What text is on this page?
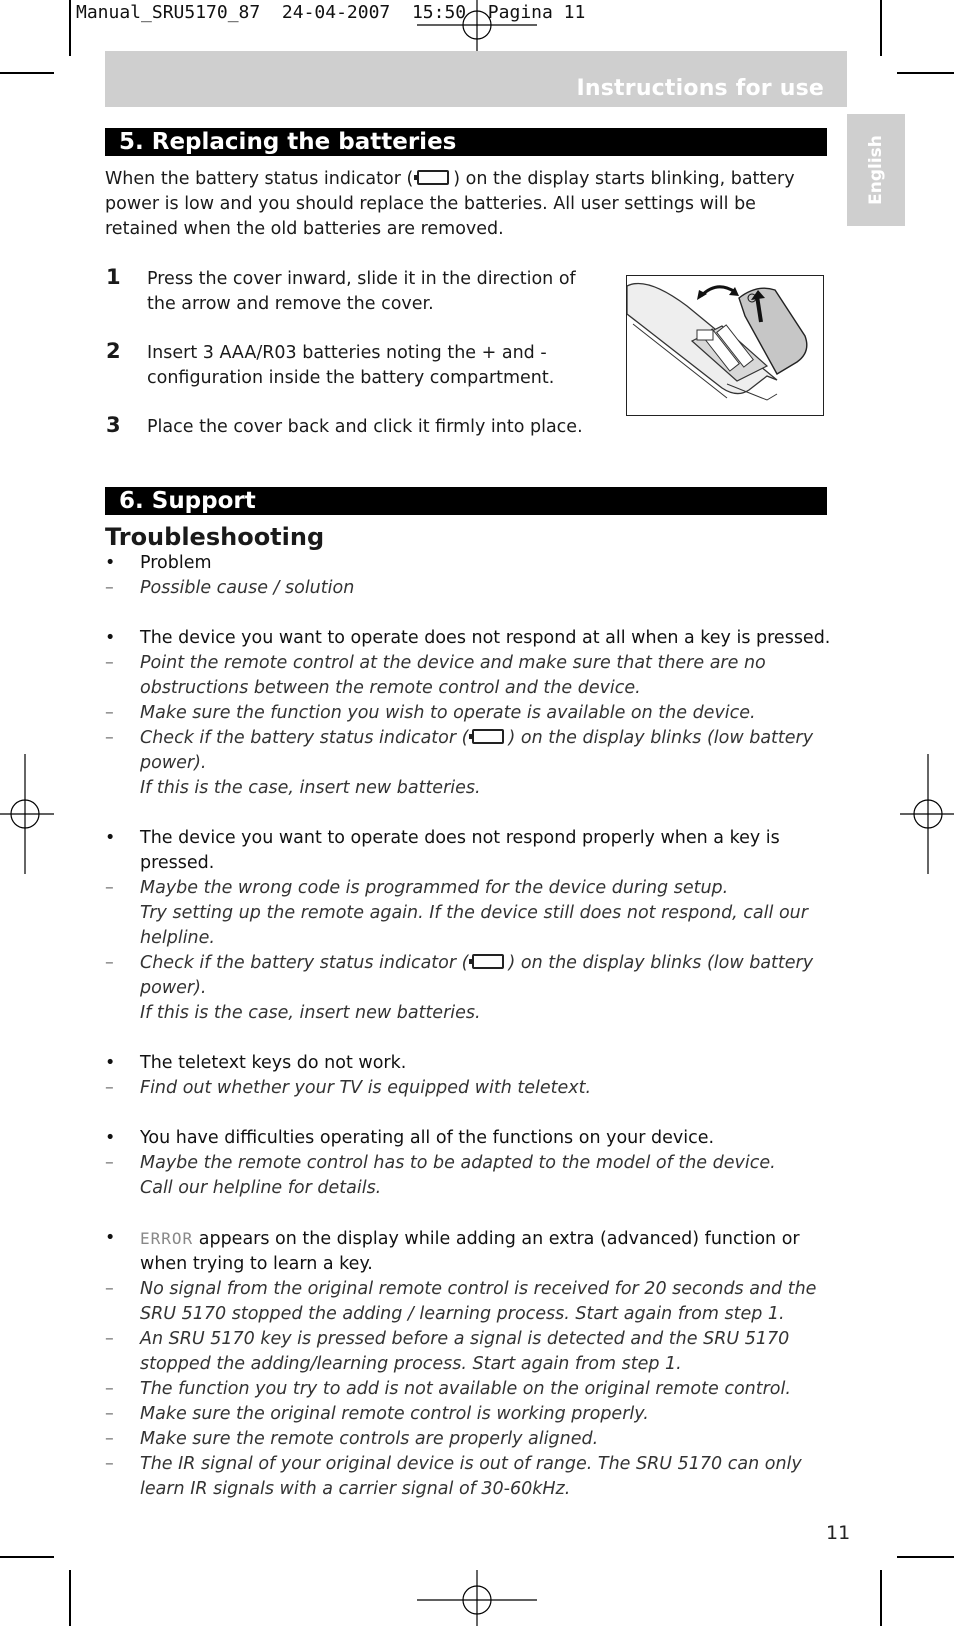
Manual_SRU5170_87  24-04-2007  15:50  Pagina 11
Instructions for use
English
5. Replacing the batteries
When the battery status indicator ( ) on the display starts blinking, battery power is low and you should replace the batteries. All user settings will be retained when the old batteries are removed.
1 Press the cover inward, slide it in the direction of the arrow and remove the cover.
2 Insert 3 AAA/R03 batteries noting the + and - configuration inside the battery compartment.
3 Place the cover back and click it firmly into place.
6. Support
Troubleshooting
• Problem
– Possible cause / solution
• The device you want to operate does not respond at all when a key is pressed.
– Point the remote control at the device and make sure that there are no obstructions between the remote control and the device.
– Make sure the function you wish to operate is available on the device.
– Check if the battery status indicator ( ) on the display blinks (low battery power).
If this is the case, insert new batteries.
• The device you want to operate does not respond properly when a key is pressed.
– Maybe the wrong code is programmed for the device during setup.
Try setting up the remote again. If the device still does not respond, call our helpline.
– Check if the battery status indicator ( ) on the display blinks (low battery power).
If this is the case, insert new batteries.
• The teletext keys do not work.
– Find out whether your TV is equipped with teletext.
• You have difficulties operating all of the functions on your device.
– Maybe the remote control has to be adapted to the model of the device.
Call our helpline for details.
• ERROR appears on the display while adding an extra (advanced) function or when trying to learn a key.
– No signal from the original remote control is received for 20 seconds and the SRU 5170 stopped the adding / learning process. Start again from step 1.
– An SRU 5170 key is pressed before a signal is detected and the SRU 5170 stopped the adding/learning process. Start again from step 1.
– The function you try to add is not available on the original remote control.
– Make sure the original remote control is working properly.
– Make sure the remote controls are properly aligned.
– The IR signal of your original device is out of range. The SRU 5170 can only learn IR signals with a carrier signal of 30-60kHz.
11
